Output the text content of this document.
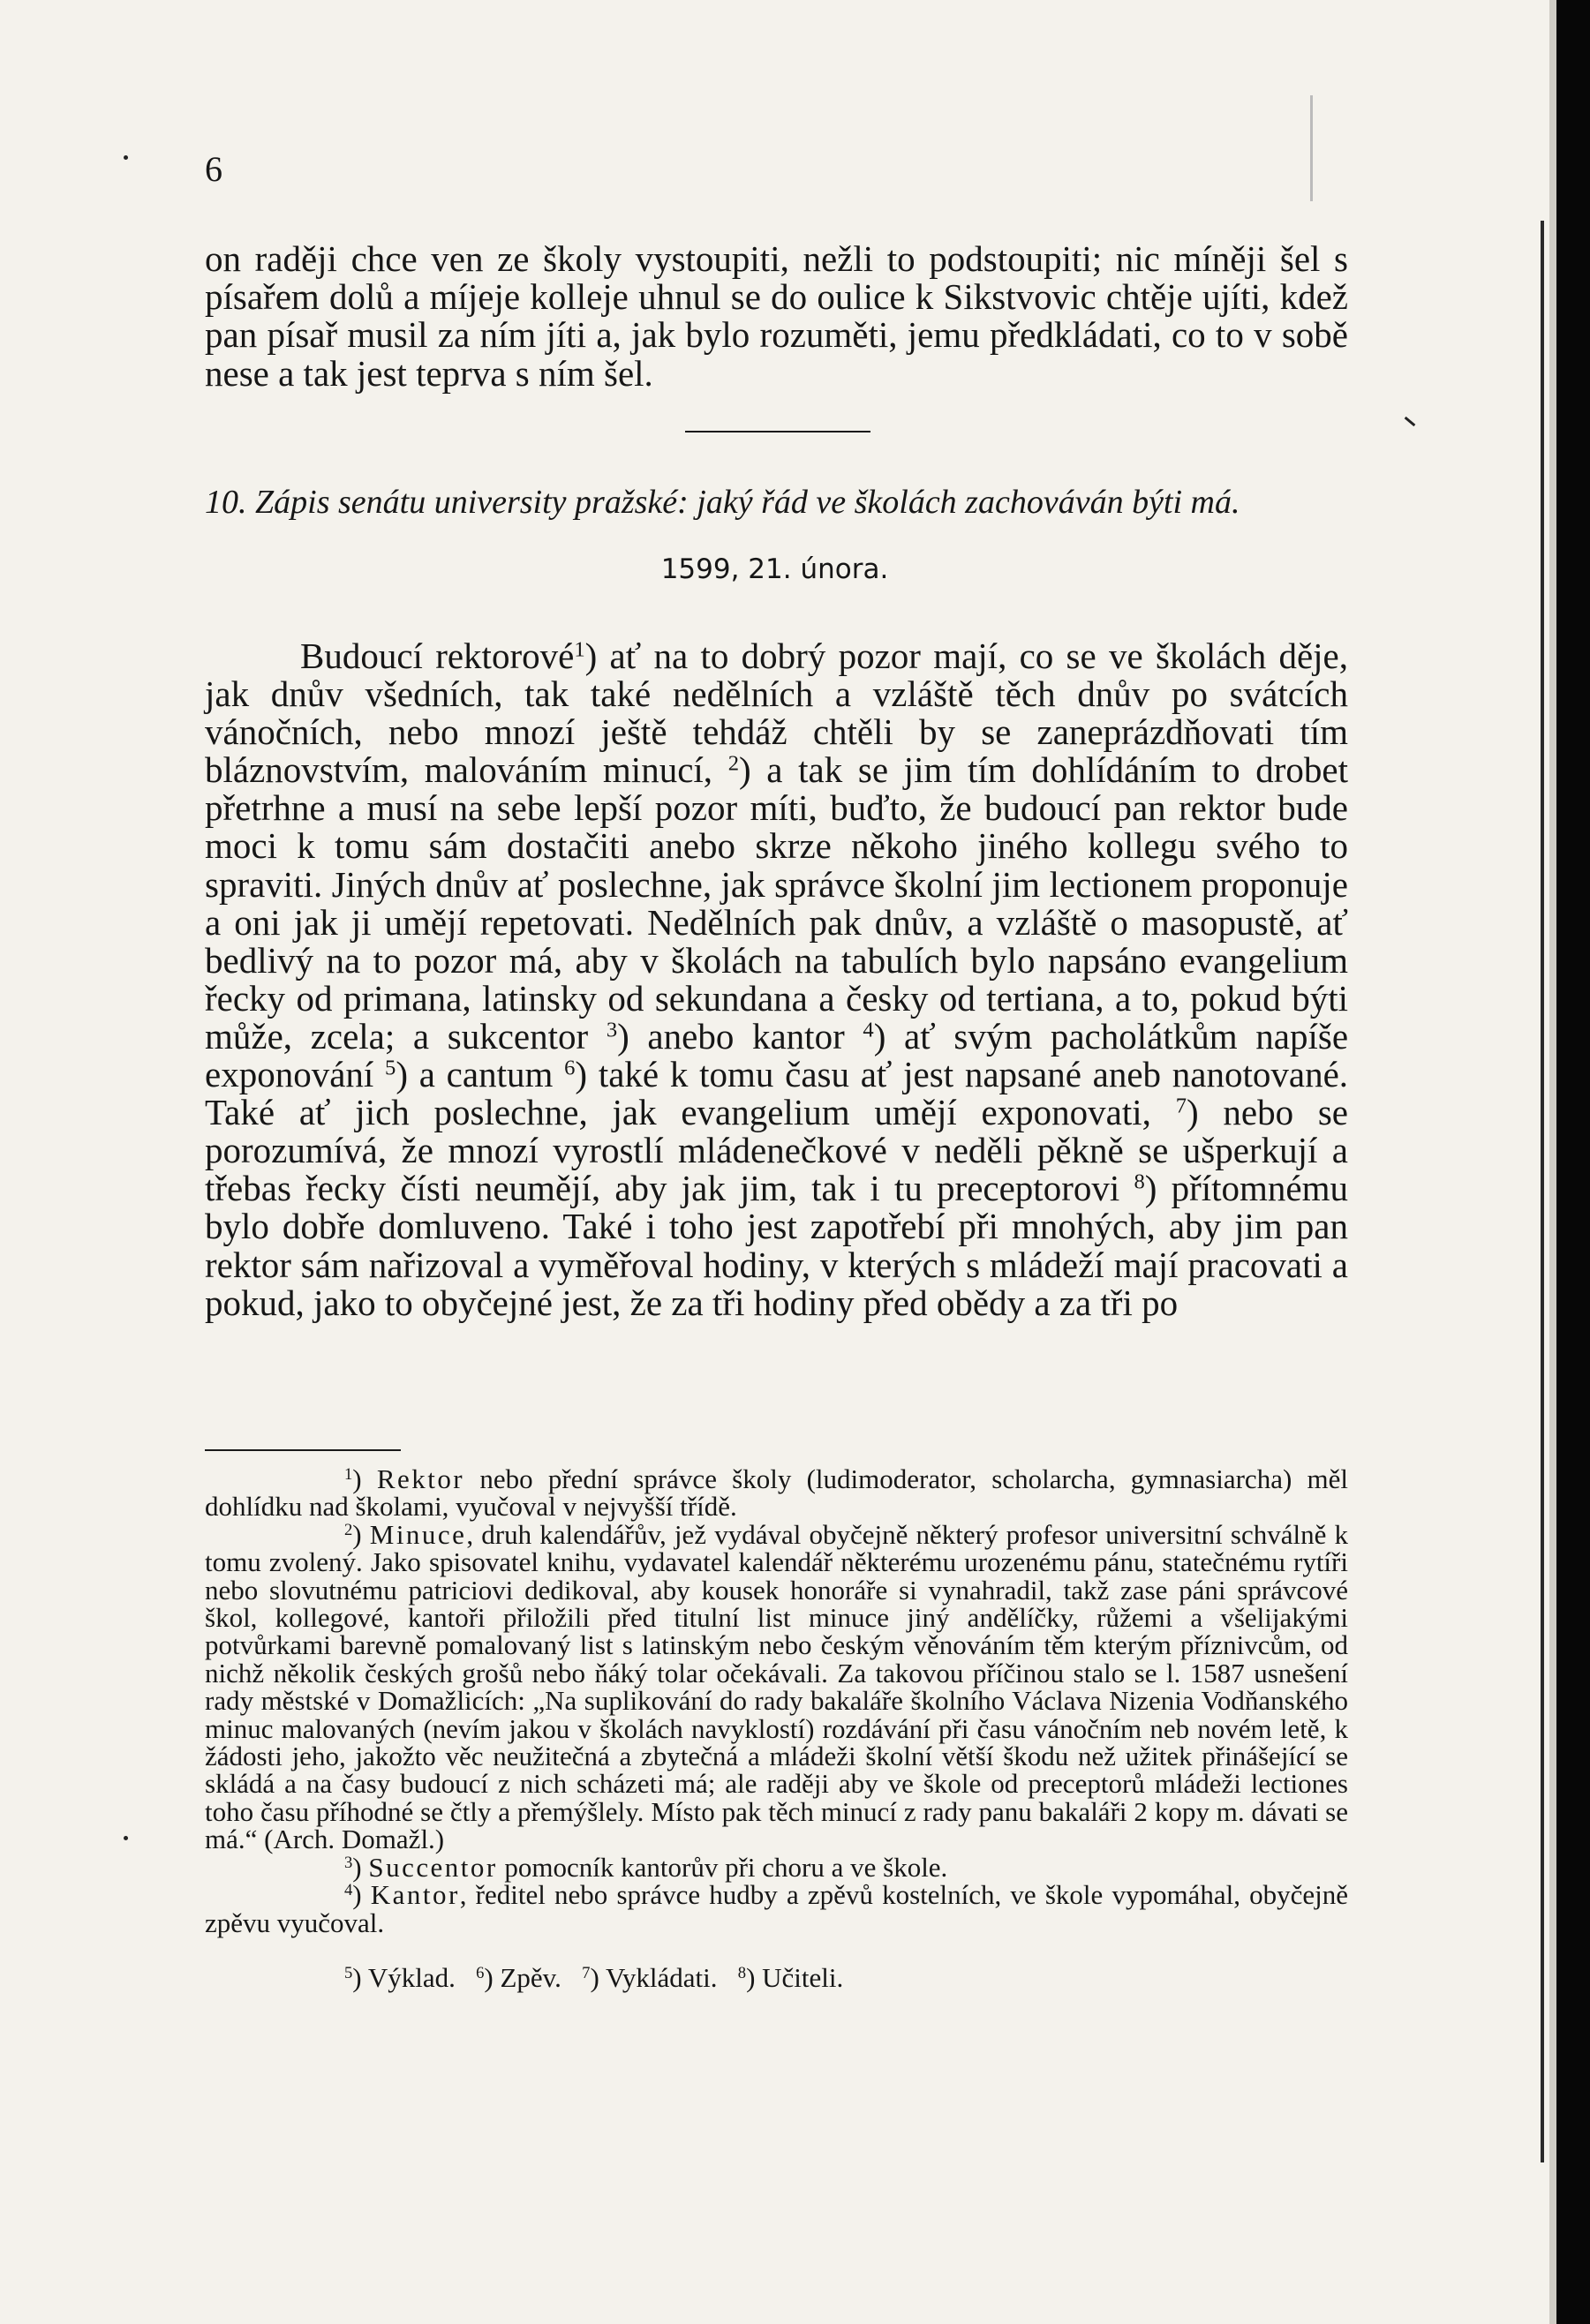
6

on raději chce ven ze školy vystoupiti, nežli to podstoupiti; nic míněji šel s písařem dolů a míjeje kolleje uhnul se do oulice k Sikstvovic chtěje ujíti, kdež pan písař musil za ním jíti a, jak bylo rozuměti, jemu předkládati, co to v sobě nese a tak jest teprva s ním šel.

10. Zápis senátu university pražské: jaký řád ve školách zachováván býti má.
1599, 21. února.

Budoucí rektorové$^1$) ať na to dobrý pozor mají, co se ve školách děje, jak dnův všedních, tak také nedělních a vzláště těch dnův po svátcích vánočních, nebo mnozí ještě tehdáž chtěli by se zaneprázdňovati tím bláznovstvím, malováním minucí, $^2$) a tak se jim tím dohlídáním to drobet přetrhne a musí na sebe lepší pozor míti, buďto, že budoucí pan rektor bude moci k tomu sám dostačiti anebo skrze někoho jiného kollegu svého to spraviti. Jiných dnův ať poslechne, jak správce školní jim lectionem proponuje a oni jak ji umějí repetovati. Nedělních pak dnův, a vzláště o masopustě, ať bedlivý na to pozor má, aby v školách na tabulích bylo napsáno evangelium řecky od primana, latinsky od sekundana a česky od tertiana, a to, pokud býti může, zcela; a sukcentor $^3$) anebo kantor $^4$) ať svým pacholátkům napíše exponování $^5$) a cantum $^6$) také k tomu času ať jest napsané aneb nanotované. Také ať jich poslechne, jak evangelium umějí exponovati, $^7$) nebo se porozumívá, že mnozí vyrostlí mládenečkové v neděli pěkně se ušperkují a třebas řecky čísti neumějí, aby jak jim, tak i tu preceptorovi $^8$) přítomnému bylo dobře domluveno. Také i toho jest zapotřebí při mnohých, aby jim pan rektor sám nařizoval a vyměřoval hodiny, v kterých s mládeží mají pracovati a pokud, jako to obyčejné jest, že za tři hodiny před obědy a za tři po

$^1$) Rektor nebo přední správce školy (ludimoderator, scholarcha, gymnasiarcha) měl dohlídku nad školami, vyučoval v nejvyšší třídě.

$^2$) Minuce, druh kalendářův, jež vydával obyčejně některý profesor universitní schválně k tomu zvolený. Jako spisovatel knihu, vydavatel kalendář některému urozenému pánu, statečnému rytíři nebo slovutnému patriciovi dedikoval, aby kousek honoráře si vynahradil, takž zase páni správcové škol, kollegové, kantoři přiložili před titulní list minuce jiný andělíčky, růžemi a všelijakými potvůrkami barevně pomalovaný list s latinským nebo českým věnováním těm kterým příznivcům, od nichž několik českých grošů nebo ňáký tolar očekávali. Za takovou příčinou stalo se l. 1587 usnešení rady městské v Domažlicích: „Na suplikování do rady bakaláře školního Václava Nizenia Vodňanského minuc malovaných (nevím jakou v školách navyklostí) rozdávání při času vánočním neb novém letě, k žádosti jeho, jakožto věc neužitečná a zbytečná a mládeži školní větší škodu než užitek přinášející se skládá a na časy budoucí z nich scházeti má; ale raději aby ve škole od preceptorů mládeži lectiones toho času příhodné se čtly a přemýšlely. Místo pak těch minucí z rady panu bakaláři 2 kopy m. dávati se má.“ (Arch. Domažl.)

$^3$) Succentor pomocník kantorův při choru a ve škole.

$^4$) Kantor, ředitel nebo správce hudby a zpěvů kostelních, ve škole vypomáhal, obyčejně zpěvu vyučoval.

$^5$) Výklad. $^6$) Zpěv. $^7$) Vykládati. $^8$) Učiteli.
